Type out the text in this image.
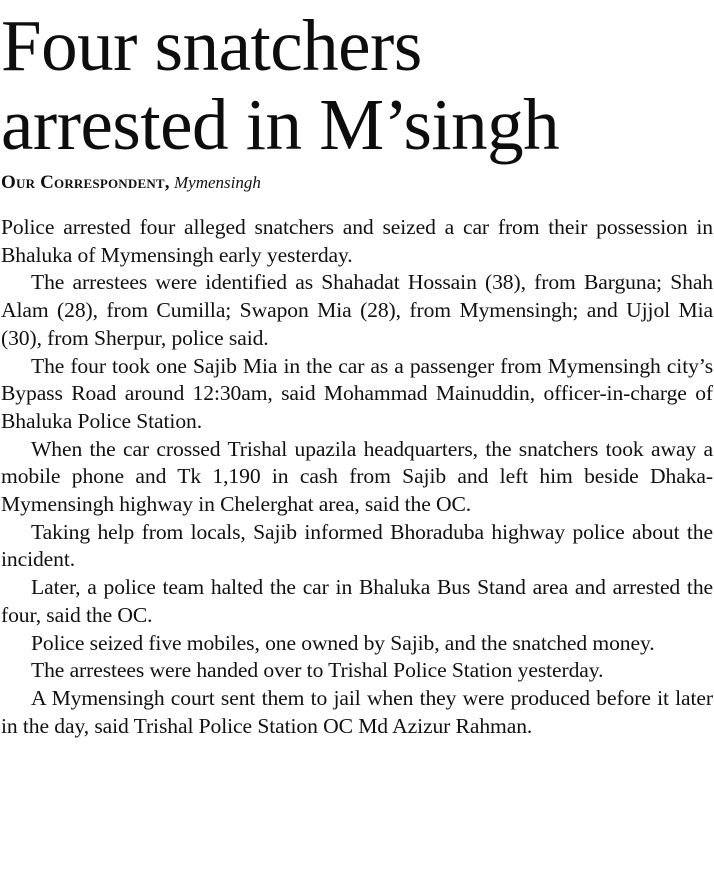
Four snatchers
arrested in M’singh
Our Correspondent, Mymensingh

Police arrested four alleged snatchers and seized a car from their possession in Bhaluka of Mymensingh early yesterday.

The arrestees were identified as Shahadat Hossain (38), from Barguna; Shah Alam (28), from Cumilla; Swapon Mia (28), from Mymensingh; and Ujjol Mia (30), from Sherpur, police said.

The four took one Sajib Mia in the car as a passenger from Mymensingh city’s Bypass Road around 12:30am, said Mohammad Mainuddin, officer-in-charge of Bhaluka Police Station.

When the car crossed Trishal upazila headquarters, the snatchers took away a mobile phone and Tk 1,190 in cash from Sajib and left him beside Dhaka-Mymensingh highway in Chelerghat area, said the OC.

Taking help from locals, Sajib informed Bhoraduba highway police about the incident.

Later, a police team halted the car in Bhaluka Bus Stand area and arrested the four, said the OC.

Police seized five mobiles, one owned by Sajib, and the snatched money.

The arrestees were handed over to Trishal Police Station yesterday.

A Mymensingh court sent them to jail when they were produced before it later in the day, said Trishal Police Station OC Md Azizur Rahman.
